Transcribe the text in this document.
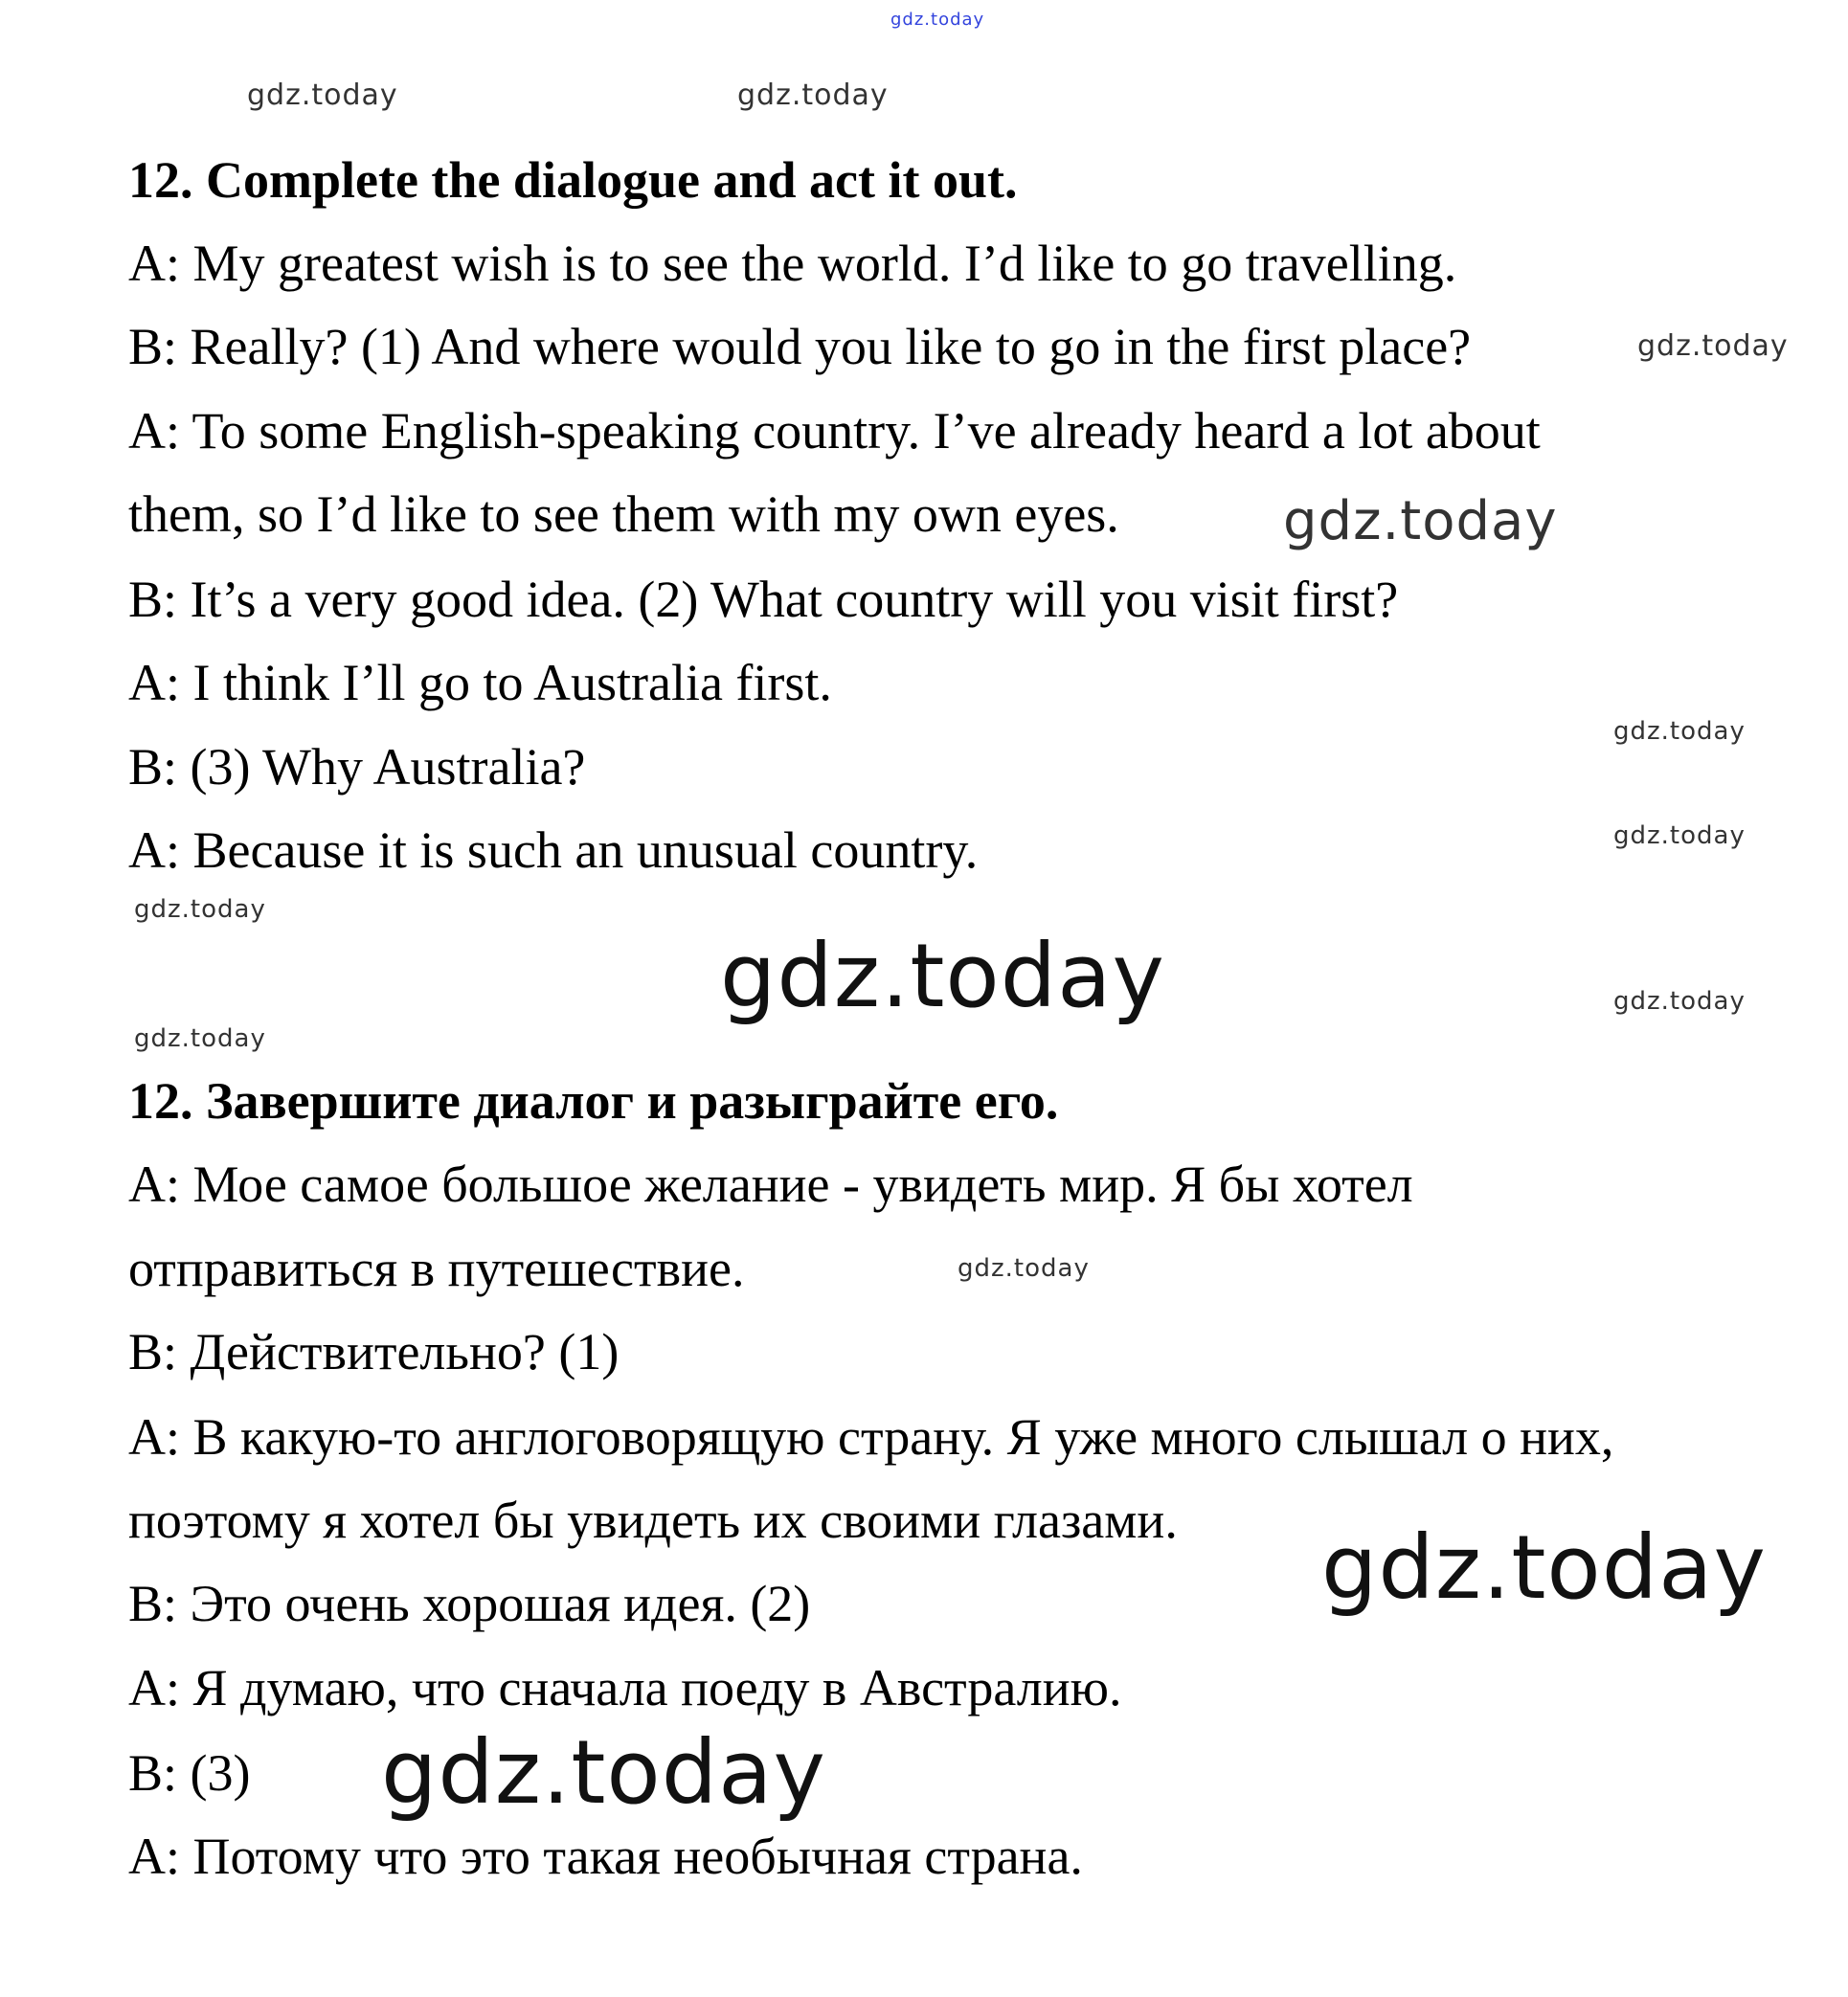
gdz.today
12. Complete the dialogue and act it out.
A: My greatest wish is to see the world. I’d like to go travelling.
B: Really? (1) And where would you like to go in the first place?
A: To some English-speaking country. I’ve already heard a lot about
them, so I’d like to see them with my own eyes.
B: It’s a very good idea. (2) What country will you visit first?
A: I think I’ll go to Australia first.
B: (3) Why Australia?
A: Because it is such an unusual country.
12. Завершите диалог и разыграйте его.
А: Мое самое большое желание - увидеть мир. Я бы хотел
отправиться в путешествие.
В: Действительно? (1)
А: В какую-то англоговорящую страну. Я уже много слышал о них,
поэтому я хотел бы увидеть их своими глазами.
В: Это очень хорошая идея. (2)
А: Я думаю, что сначала поеду в Австралию.
В: (3)
А: Потому что это такая необычная страна.
gdz.today	gdz.today
gdz.today
gdz.today
gdz.today
gdz.today
gdz.today
gdz.today	gdz.today
gdz.today
gdz.today
gdz.today
gdz.today
